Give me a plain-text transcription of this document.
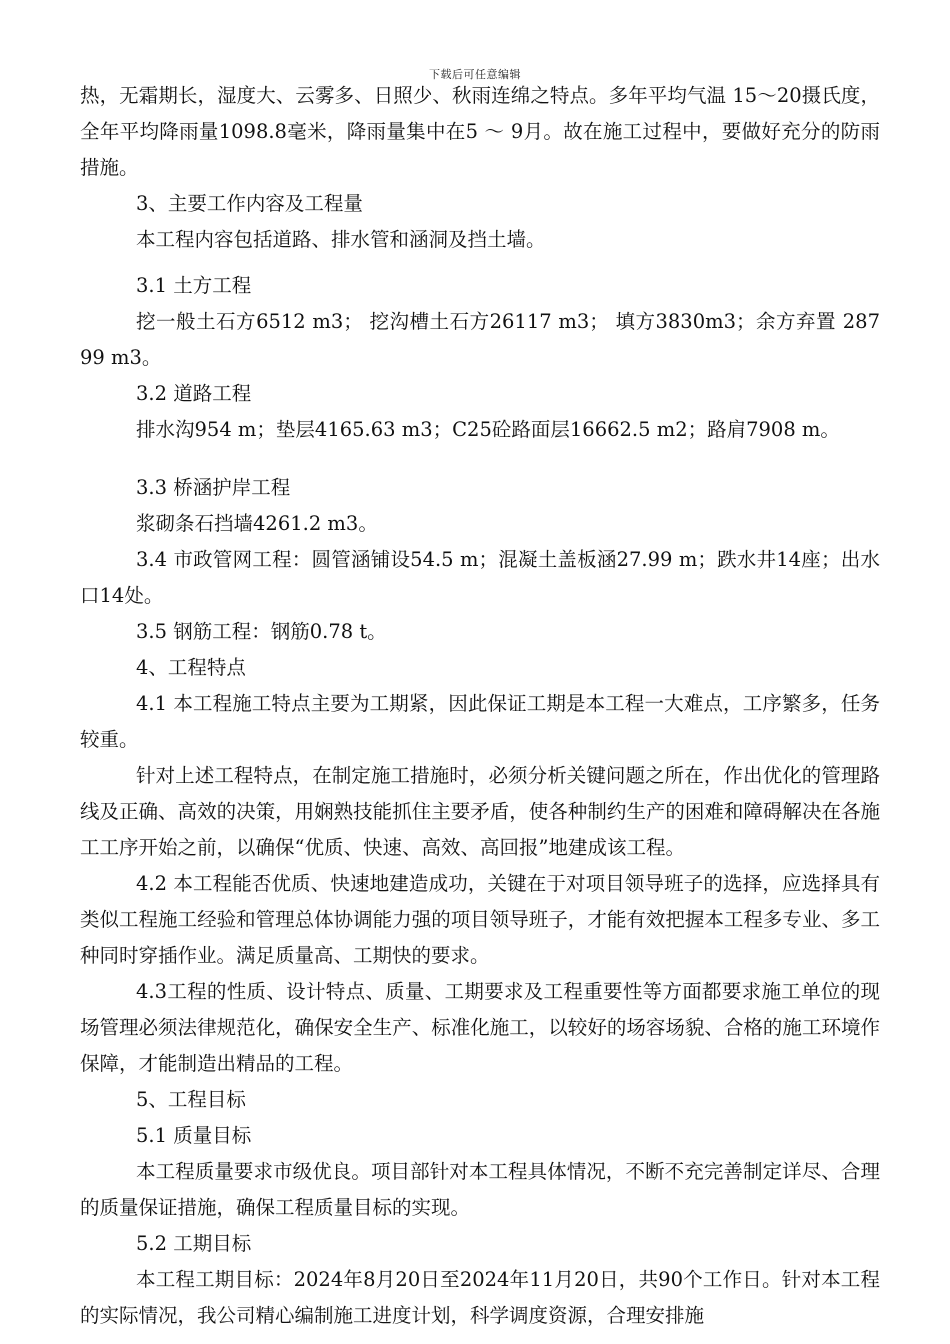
下载后可任意编辑

热，无霜期长，湿度大、云雾多、日照少、秋雨连绵之特点。多年平均气温 15～20摄氏度，全年平均降雨量1098.8毫米，降雨量集中在5 ～ 9月。故在施工过程中，要做好充分的防雨措施。

3、主要工作内容及工程量

本工程内容包括道路、排水管和涵洞及挡土墙。

3.1 土方工程

挖一般土石方6512 m3； 挖沟槽土石方26117 m3； 填方3830m3；余方弃置 28799 m3。

3.2 道路工程

排水沟954 m；垫层4165.63 m3；C25砼路面层16662.5 m2；路肩7908 m。

3.3 桥涵护岸工程

浆砌条石挡墙4261.2 m3。

3.4 市政管网工程：圆管涵铺设54.5 m；混凝土盖板涵27.99 m；跌水井14座；出水口14处。

3.5 钢筋工程：钢筋0.78 t。

4、工程特点

4.1 本工程施工特点主要为工期紧，因此保证工期是本工程一大难点，工序繁多，任务较重。

针对上述工程特点，在制定施工措施时，必须分析关键问题之所在，作出优化的管理路线及正确、高效的决策，用娴熟技能抓住主要矛盾，使各种制约生产的困难和障碍解决在各施工工序开始之前，以确保“优质、快速、高效、高回报”地建成该工程。

4.2 本工程能否优质、快速地建造成功，关键在于对项目领导班子的选择，应选择具有类似工程施工经验和管理总体协调能力强的项目领导班子，才能有效把握本工程多专业、多工种同时穿插作业。满足质量高、工期快的要求。

4.3工程的性质、设计特点、质量、工期要求及工程重要性等方面都要求施工单位的现场管理必须法律规范化，确保安全生产、标准化施工，以较好的场容场貌、合格的施工环境作保障，才能制造出精品的工程。

5、工程目标

5.1 质量目标

本工程质量要求市级优良。项目部针对本工程具体情况，不断不充完善制定详尽、合理的质量保证措施，确保工程质量目标的实现。

5.2 工期目标

本工程工期目标：2024年8月20日至2024年11月20日，共90个工作日。针对本工程的实际情况，我公司精心编制施工进度计划，科学调度资源，合理安排施
